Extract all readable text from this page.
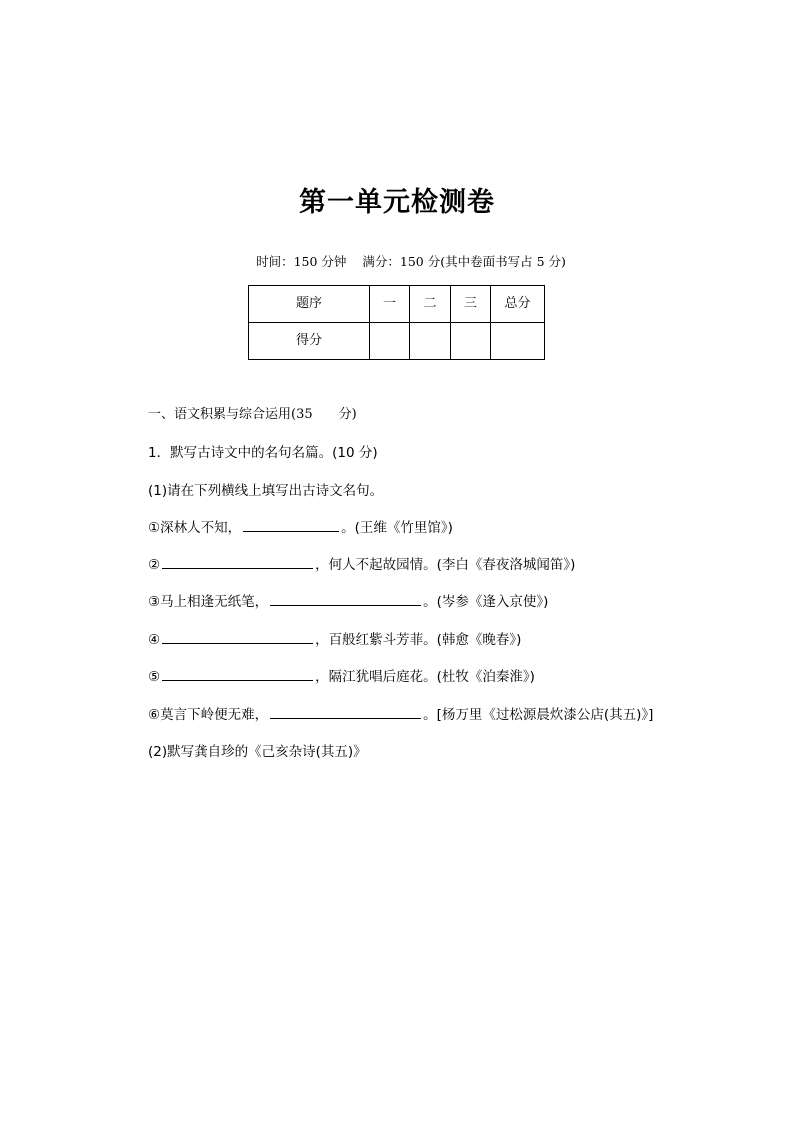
第一单元检测卷
时间：150 分钟 满分：150 分(其中卷面书写占 5 分)
题序	一	二	三	总分
得分				
一、语文积累与综合运用(35 分)
1．默写古诗文中的名句名篇。(10 分)
(1)请在下列横线上填写出古诗文名句。
①深林人不知，	。(王维《竹里馆》)
②	，何人不起故园情。(李白《春夜洛城闻笛》)
③马上相逢无纸笔，	。(岑参《逢入京使》)
④	，百般红紫斗芳菲。(韩愈《晚春》)
⑤	，隔江犹唱后庭花。(杜牧《泊秦淮》)
⑥莫言下岭便无难，	。[杨万里《过松源晨炊漆公店(其五)》]
(2)默写龚自珍的《己亥杂诗(其五)》
